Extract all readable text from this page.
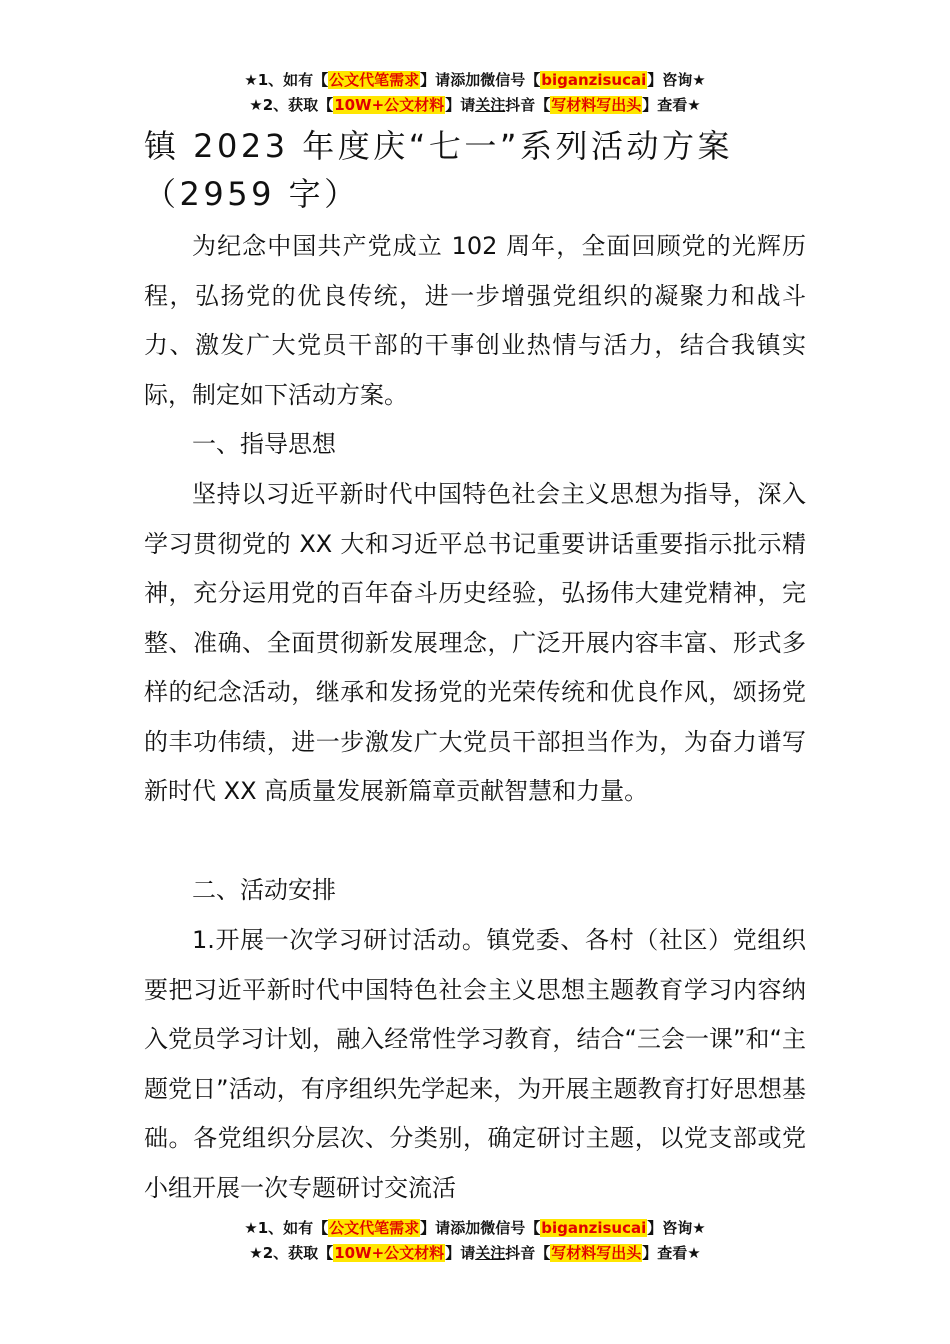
★1、如有【公文代笔需求】请添加微信号【biganzisucai】咨询★
★2、获取【10W+公文材料】请关注抖音【写材料写出头】查看★
镇 2023 年度庆“七一”系列活动方案（2959 字）

为纪念中国共产党成立 102 周年，全面回顾党的光辉历程，弘扬党的优良传统，进一步增强党组织的凝聚力和战斗力、激发广大党员干部的干事创业热情与活力，结合我镇实际，制定如下活动方案。

一、指导思想

坚持以习近平新时代中国特色社会主义思想为指导，深入学习贯彻党的 XX 大和习近平总书记重要讲话重要指示批示精神，充分运用党的百年奋斗历史经验，弘扬伟大建党精神，完整、准确、全面贯彻新发展理念，广泛开展内容丰富、形式多样的纪念活动，继承和发扬党的光荣传统和优良作风，颂扬党的丰功伟绩，进一步激发广大党员干部担当作为，为奋力谱写新时代 XX 高质量发展新篇章贡献智慧和力量。

二、活动安排

1.开展一次学习研讨活动。镇党委、各村（社区）党组织要把习近平新时代中国特色社会主义思想主题教育学习内容纳入党员学习计划，融入经常性学习教育，结合“三会一课”和“主题党日”活动，有序组织先学起来，为开展主题教育打好思想基础。各党组织分层次、分类别，确定研讨主题，以党支部或党小组开展一次专题研讨交流活

★1、如有【公文代笔需求】请添加微信号【biganzisucai】咨询★
★2、获取【10W+公文材料】请关注抖音【写材料写出头】查看★
